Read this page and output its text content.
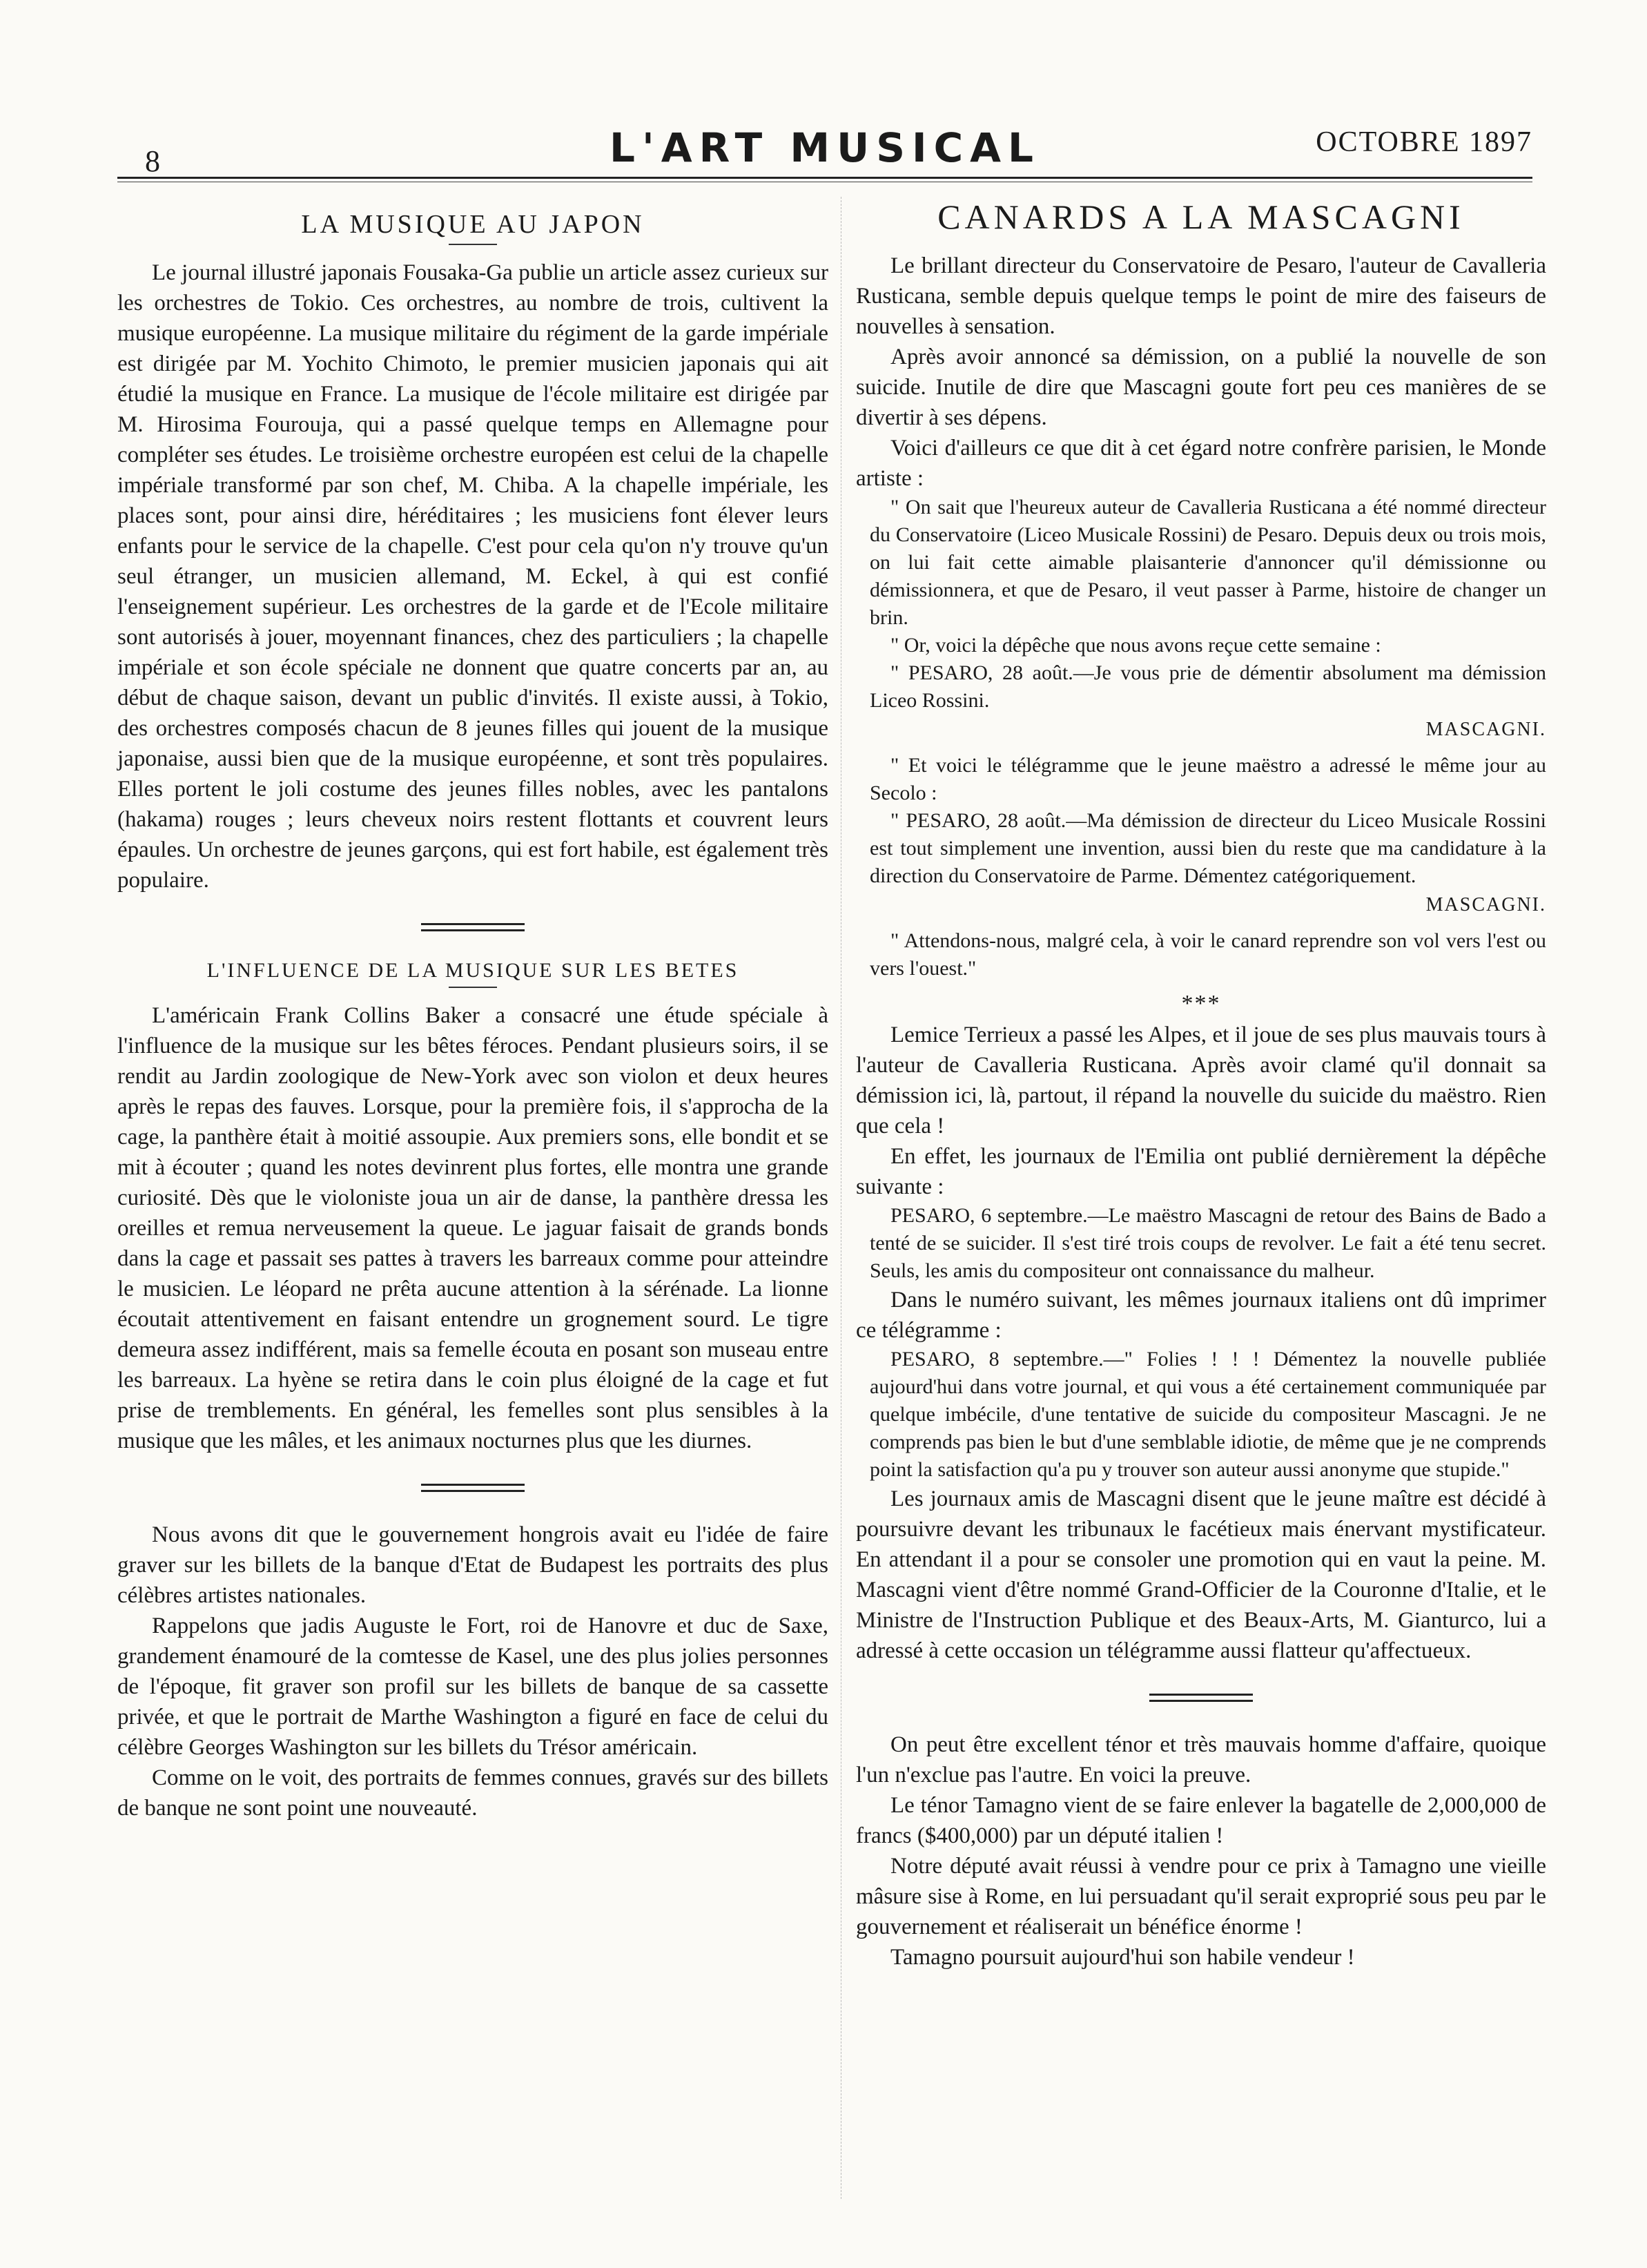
8	L'ART MUSICAL	OCTOBRE 1897
LA MUSIQUE AU JAPON

Le journal illustré japonais Fousaka-Ga publie un article assez curieux sur les orchestres de Tokio. Ces orchestres, au nombre de trois, cultivent la musique européenne. La musique militaire du régiment de la garde impériale est dirigée par M. Yochito Chimoto, le premier musicien japonais qui ait étudié la musique en France. La musique de l'école militaire est dirigée par M. Hirosima Fourouja, qui a passé quelque temps en Allemagne pour compléter ses études. Le troisième orchestre européen est celui de la chapelle impériale transformé par son chef, M. Chiba. A la chapelle impériale, les places sont, pour ainsi dire, héréditaires ; les musiciens font élever leurs enfants pour le service de la chapelle. C'est pour cela qu'on n'y trouve qu'un seul étranger, un musicien allemand, M. Eckel, à qui est confié l'enseignement supérieur. Les orchestres de la garde et de l'Ecole militaire sont autorisés à jouer, moyennant finances, chez des particuliers ; la chapelle impériale et son école spéciale ne donnent que quatre concerts par an, au début de chaque saison, devant un public d'invités. Il existe aussi, à Tokio, des orchestres composés chacun de 8 jeunes filles qui jouent de la musique japonaise, aussi bien que de la musique européenne, et sont très populaires. Elles portent le joli costume des jeunes filles nobles, avec les pantalons (hakama) rouges ; leurs cheveux noirs restent flottants et couvrent leurs épaules. Un orchestre de jeunes garçons, qui est fort habile, est également très populaire.

L'INFLUENCE DE LA MUSIQUE SUR LES BETES

L'américain Frank Collins Baker a consacré une étude spéciale à l'influence de la musique sur les bêtes féroces. Pendant plusieurs soirs, il se rendit au Jardin zoologique de New-York avec son violon et deux heures après le repas des fauves. Lorsque, pour la première fois, il s'approcha de la cage, la panthère était à moitié assoupie. Aux premiers sons, elle bondit et se mit à écouter ; quand les notes devinrent plus fortes, elle montra une grande curiosité. Dès que le violoniste joua un air de danse, la panthère dressa les oreilles et remua nerveusement la queue. Le jaguar faisait de grands bonds dans la cage et passait ses pattes à travers les barreaux comme pour atteindre le musicien. Le léopard ne prêta aucune attention à la sérénade. La lionne écoutait attentivement en faisant entendre un grognement sourd. Le tigre demeura assez indifférent, mais sa femelle écouta en posant son museau entre les barreaux. La hyène se retira dans le coin plus éloigné de la cage et fut prise de tremblements. En général, les femelles sont plus sensibles à la musique que les mâles, et les animaux nocturnes plus que les diurnes.

Nous avons dit que le gouvernement hongrois avait eu l'idée de faire graver sur les billets de la banque d'Etat de Budapest les portraits des plus célèbres artistes nationales.

Rappelons que jadis Auguste le Fort, roi de Hanovre et duc de Saxe, grandement énamouré de la comtesse de Kasel, une des plus jolies personnes de l'époque, fit graver son profil sur les billets de banque de sa cassette privée, et que le portrait de Marthe Washington a figuré en face de celui du célèbre Georges Washington sur les billets du Trésor américain.

Comme on le voit, des portraits de femmes connues, gravés sur des billets de banque ne sont point une nouveauté.

CANARDS A LA MASCAGNI

Le brillant directeur du Conservatoire de Pesaro, l'auteur de Cavalleria Rusticana, semble depuis quelque temps le point de mire des faiseurs de nouvelles à sensation.

Après avoir annoncé sa démission, on a publié la nouvelle de son suicide. Inutile de dire que Mascagni goute fort peu ces manières de se divertir à ses dépens.

Voici d'ailleurs ce que dit à cet égard notre confrère parisien, le Monde artiste :

" On sait que l'heureux auteur de Cavalleria Rusticana a été nommé directeur du Conservatoire (Liceo Musicale Rossini) de Pesaro. Depuis deux ou trois mois, on lui fait cette aimable plaisanterie d'annoncer qu'il démissionne ou démissionnera, et que de Pesaro, il veut passer à Parme, histoire de changer un brin.

" Or, voici la dépêche que nous avons reçue cette semaine :

" PESARO, 28 août.—Je vous prie de démentir absolument ma démission Liceo Rossini.

MASCAGNI.

" Et voici le télégramme que le jeune maëstro a adressé le même jour au Secolo :

" PESARO, 28 août.—Ma démission de directeur du Liceo Musicale Rossini est tout simplement une invention, aussi bien du reste que ma candidature à la direction du Conservatoire de Parme. Démentez catégoriquement.

MASCAGNI.

" Attendons-nous, malgré cela, à voir le canard reprendre son vol vers l'est ou vers l'ouest."

***

Lemice Terrieux a passé les Alpes, et il joue de ses plus mauvais tours à l'auteur de Cavalleria Rusticana. Après avoir clamé qu'il donnait sa démission ici, là, partout, il répand la nouvelle du suicide du maëstro. Rien que cela !

En effet, les journaux de l'Emilia ont publié dernièrement la dépêche suivante :

PESARO, 6 septembre.—Le maëstro Mascagni de retour des Bains de Bado a tenté de se suicider. Il s'est tiré trois coups de revolver. Le fait a été tenu secret. Seuls, les amis du compositeur ont connaissance du malheur.

Dans le numéro suivant, les mêmes journaux italiens ont dû imprimer ce télégramme :

PESARO, 8 septembre.—" Folies ! ! ! Démentez la nouvelle publiée aujourd'hui dans votre journal, et qui vous a été certainement communiquée par quelque imbécile, d'une tentative de suicide du compositeur Mascagni. Je ne comprends pas bien le but d'une semblable idiotie, de même que je ne comprends point la satisfaction qu'a pu y trouver son auteur aussi anonyme que stupide."

Les journaux amis de Mascagni disent que le jeune maître est décidé à poursuivre devant les tribunaux le facétieux mais énervant mystificateur. En attendant il a pour se consoler une promotion qui en vaut la peine. M. Mascagni vient d'être nommé Grand-Officier de la Couronne d'Italie, et le Ministre de l'Instruction Publique et des Beaux-Arts, M. Gianturco, lui a adressé à cette occasion un télégramme aussi flatteur qu'affectueux.

On peut être excellent ténor et très mauvais homme d'affaire, quoique l'un n'exclue pas l'autre. En voici la preuve.

Le ténor Tamagno vient de se faire enlever la bagatelle de 2,000,000 de francs ($400,000) par un député italien !

Notre député avait réussi à vendre pour ce prix à Tamagno une vieille mâsure sise à Rome, en lui persuadant qu'il serait exproprié sous peu par le gouvernement et réaliserait un bénéfice énorme !

Tamagno poursuit aujourd'hui son habile vendeur !
